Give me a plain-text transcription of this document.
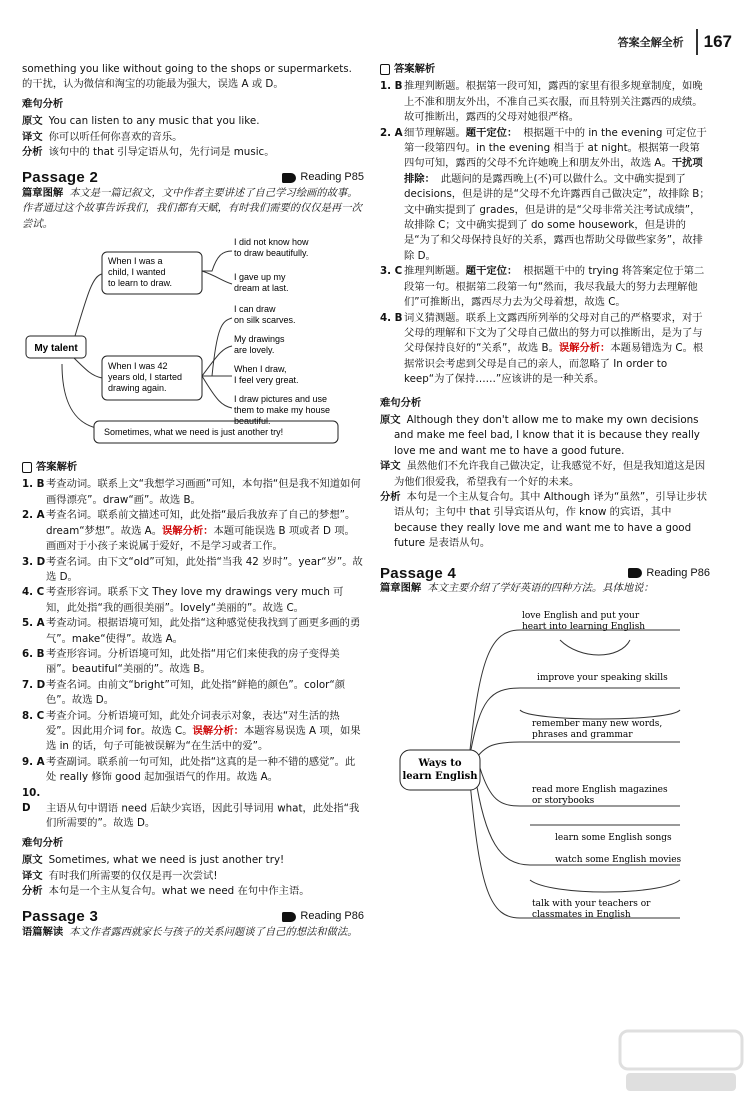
答案全解全析	167

something you like without going to the shops or supermarkets. 的干扰，认为微信和淘宝的功能最为强大，误选 A 或 D。

难句分析

原文 You can listen to any music that you like.

译文 你可以听任何你喜欢的音乐。

分析 该句中的 that 引导定语从句，先行词是 music。

Passage 2	Reading P85

篇章图解 本文是一篇记叙文，文中作者主要讲述了自己学习绘画的故事。作者通过这个故事告诉我们，我们都有天赋，有时我们需要的仅仅是再一次尝试。

My talent
When I was a child, I wanted to learn to draw.
When I was 42 years old, I started drawing again.
Sometimes, what we need is just another try!
I did not know how to draw beautifully.
I gave up my dream at last.
I can draw on silk scarves.
My drawings are lovely.
When I draw, I feel very great.
I draw pictures and use them to make my house beautiful.
答案解析

1. B考查动词。联系上文“我想学习画画”可知，本句指“但是我不知道如何画得漂亮”。draw“画”。故选 B。

2. A考查名词。联系前文描述可知，此处指“最后我放弃了自己的梦想”。dream“梦想”。故选 A。误解分析：本题可能误选 B 项或者 D 项。画画对于小孩子来说属于爱好，不是学习或者工作。

3. D考查名词。由下文“old”可知，此处指“当我 42 岁时”。year“岁”。故选 D。

4. C 考查形容词。联系下文 They love my drawings very much 可知，此处指“我的画很美丽”。lovely“美丽的”。故选 C。

5. A考查动词。根据语境可知，此处指“这种感觉使我找到了画更多画的勇气”。make“使得”。故选 A。

6. B考查形容词。分析语境可知，此处指“用它们来使我的房子变得美丽”。beautiful“美丽的”。故选 B。

7. D考查名词。由前文“bright”可知，此处指“鲜艳的颜色”。color“颜色”。故选 D。

8. C 考查介词。分析语境可知，此处介词表示对象，表达“对生活的热爱”。因此用介词 for。故选 C。误解分析：本题容易误选 A 项，如果选 in 的话，句子可能被误解为“在生活中的爱”。

9. A考查副词。联系前一句可知，此处指“这真的是一种不错的感觉”。此处 really 修饰 good 起加强语气的作用。故选 A。

10. D 主语从句中谓语 need 后缺少宾语，因此引导词用 what，此处指“我们所需要的”。故选 D。

难句分析

原文 Sometimes, what we need is just another try!

译文 有时我们所需要的仅仅是再一次尝试!

分析 本句是一个主从复合句。what we need 在句中作主语。

Passage 3	Reading P86

语篇解读 本文作者露西就家长与孩子的关系问题谈了自己的想法和做法。

答案解析

1. B推理判断题。根据第一段可知，露西的家里有很多规章制度，如晚上不准和朋友外出，不准自己买衣服，而且特别关注露西的成绩。故可推断出，露西的父母对她很严格。

2. A细节理解题。题干定位： 根据题干中的 in the evening 可定位于第一段第四句。in the evening 相当于 at night。根据第一段第四句可知，露西的父母不允许她晚上和朋友外出，故选 A。干扰项排除： 此题问的是露西晚上(不)可以做什么。文中确实提到了 decisions，但是讲的是“父母不允许露西自己做决定”，故排除 B；文中确实提到了 grades，但是讲的是“父母非常关注考试成绩”，故排除 C；文中确实提到了 do some housework，但是讲的是“为了和父母保持良好的关系，露西也帮助父母做些家务”，故排除 D。

3. C 推理判断题。题干定位： 根据题干中的 trying 将答案定位于第二段第一句。根据第二段第一句“然而，我尽我最大的努力去理解他们”可推断出，露西尽力去为父母着想，故选 C。

4. B词义猜测题。联系上文露西所列举的父母对自己的严格要求，对于父母的理解和下文为了父母自己做出的努力可以推断出，是为了与父母保持良好的“关系”，故选 B。误解分析：本题易错选为 C。根据常识会考虑到父母是自己的亲人，而忽略了 In order to keep“为了保持……”应该讲的是一种关系。

难句分析

原文 Although they don't allow me to make my own decisions and make me feel bad, I know that it is because they really love me and want me to have a good future.

译文 虽然他们不允许我自己做决定，让我感觉不好，但是我知道这是因为他们很爱我，希望我有一个好的未来。

分析 本句是一个主从复合句。其中 Although 译为“虽然”，引导让步状语从句；主句中 that 引导宾语从句，作 know 的宾语，其中 because they really love me and want me to have a good future 是表语从句。

Passage 4	Reading P86

篇章图解 本文主要介绍了学好英语的四种方法。具体地说：

Ways to learn English
love English and put your heart into learning English
improve your speaking skills
remember many new words, phrases and grammar
read more English magazines or storybooks
learn some English songs
watch some English movies
talk with your teachers or classmates in English
